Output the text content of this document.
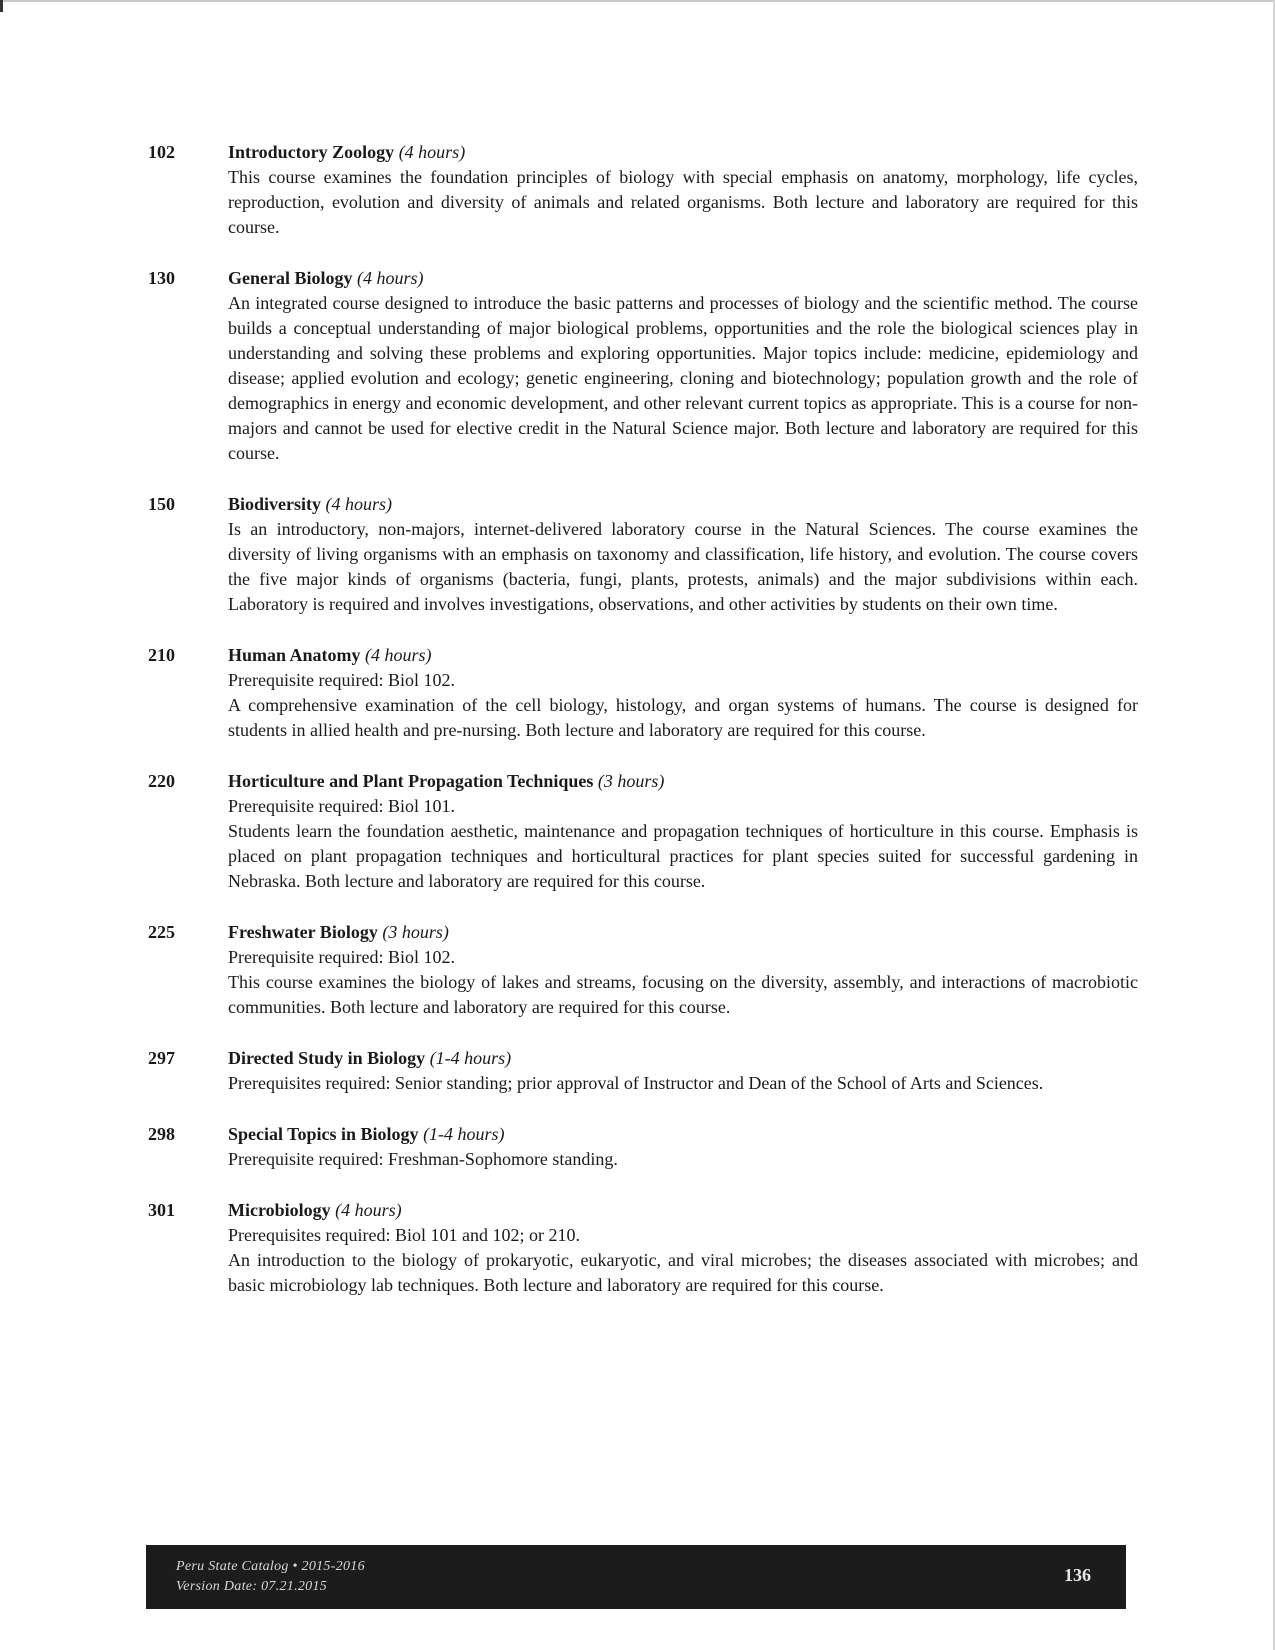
102	Introductory Zoology (4 hours)
This course examines the foundation principles of biology with special emphasis on anatomy, morphology, life cycles, reproduction, evolution and diversity of animals and related organisms. Both lecture and laboratory are required for this course.
130	General Biology (4 hours)
An integrated course designed to introduce the basic patterns and processes of biology and the scientific method. The course builds a conceptual understanding of major biological problems, opportunities and the role the biological sciences play in understanding and solving these problems and exploring opportunities. Major topics include: medicine, epidemiology and disease; applied evolution and ecology; genetic engineering, cloning and biotechnology; population growth and the role of demographics in energy and economic development, and other relevant current topics as appropriate. This is a course for non-majors and cannot be used for elective credit in the Natural Science major. Both lecture and laboratory are required for this course.
150	Biodiversity (4 hours)
Is an introductory, non-majors, internet-delivered laboratory course in the Natural Sciences. The course examines the diversity of living organisms with an emphasis on taxonomy and classification, life history, and evolution. The course covers the five major kinds of organisms (bacteria, fungi, plants, protests, animals) and the major subdivisions within each. Laboratory is required and involves investigations, observations, and other activities by students on their own time.
210	Human Anatomy (4 hours)
Prerequisite required: Biol 102.
A comprehensive examination of the cell biology, histology, and organ systems of humans. The course is designed for students in allied health and pre-nursing. Both lecture and laboratory are required for this course.
220	Horticulture and Plant Propagation Techniques (3 hours)
Prerequisite required: Biol 101.
Students learn the foundation aesthetic, maintenance and propagation techniques of horticulture in this course. Emphasis is placed on plant propagation techniques and horticultural practices for plant species suited for successful gardening in Nebraska. Both lecture and laboratory are required for this course.
225	Freshwater Biology (3 hours)
Prerequisite required: Biol 102.
This course examines the biology of lakes and streams, focusing on the diversity, assembly, and interactions of macrobiotic communities. Both lecture and laboratory are required for this course.
297	Directed Study in Biology (1-4 hours)
Prerequisites required: Senior standing; prior approval of Instructor and Dean of the School of Arts and Sciences.
298	Special Topics in Biology (1-4 hours)
Prerequisite required: Freshman-Sophomore standing.
301	Microbiology (4 hours)
Prerequisites required: Biol 101 and 102; or 210.
An introduction to the biology of prokaryotic, eukaryotic, and viral microbes; the diseases associated with microbes; and basic microbiology lab techniques. Both lecture and laboratory are required for this course.
Peru State Catalog • 2015-2016
Version Date: 07.21.2015
136
